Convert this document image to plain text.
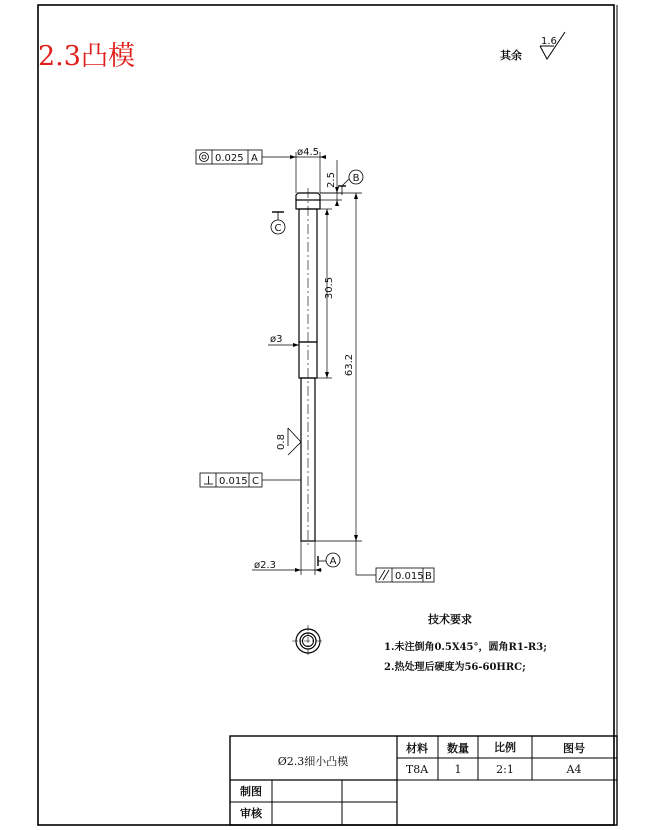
2.3凸模	其余
1.6
ø4.5
2.5
30.5
63.2
ø3
ø2.3
0.8
0.025 A
0.015 C
0.015 B
B
C
A
技术要求
1.未注倒角0.5X45°，圆角R1-R3;
2.热处理后硬度为56-60HRC;
Ø2.3细小凸模
材料 数量 比例	图号
T8A 1	2:1	A4
制图
审核
